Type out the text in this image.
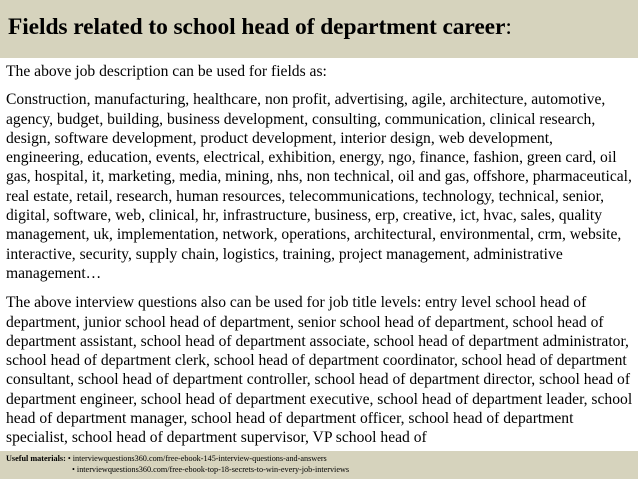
Fields related to school head of department career:

The above job description can be used for fields as:

Construction, manufacturing, healthcare, non profit, advertising, agile, architecture, automotive, agency, budget, building, business development, consulting, communication, clinical research, design, software development, product development, interior design, web development, engineering, education, events, electrical, exhibition, energy, ngo, finance, fashion, green card, oil gas, hospital, it, marketing, media, mining, nhs, non technical, oil and gas, offshore, pharmaceutical, real estate, retail, research, human resources, telecommunications, technology, technical, senior, digital, software, web, clinical, hr, infrastructure, business, erp, creative, ict, hvac, sales, quality management, uk, implementation, network, operations, architectural, environmental, crm, website, interactive, security, supply chain, logistics, training, project management, administrative management…

The above interview questions also can be used for job title levels: entry level school head of department, junior school head of department, senior school head of department, school head of department assistant, school head of department associate, school head of department administrator, school head of department clerk, school head of department coordinator, school head of department consultant, school head of department controller, school head of department director, school head of department engineer, school head of department executive, school head of department leader, school head of department manager, school head of department officer, school head of department specialist, school head of department supervisor, VP school head of

Useful materials: • interviewquestions360.com/free-ebook-145-interview-questions-and-answers
• interviewquestions360.com/free-ebook-top-18-secrets-to-win-every-job-interviews
